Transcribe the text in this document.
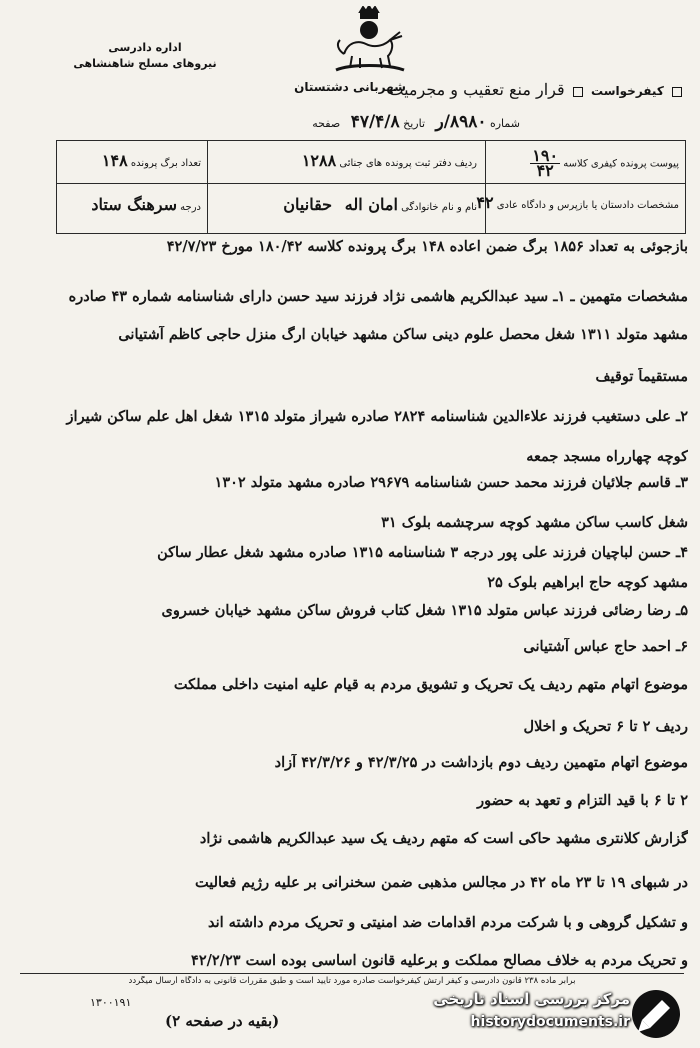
اداره دادرسی
نیروهای مسلح شاهنشاهی
شهربانی دشتستان	کیفرخواست  قرار منع تعقیب و مجرمیت
شماره ۸۹۸۰/ر   تاریخ ۴۷/۴/۸   صفحه
پیوست پرونده کیفری کلاسه
$\frac{۱۹۰}{۴۲}$
ردیف دفتر ثبت پرونده های جنائی ۱۲۸۸
تعداد برگ پرونده ۱۴۸
مشخصات دادستان یا بازپرس و دادگاه عادی ۴۲
نام و نام خانوادگی امان اله    حقانیان
درجه سرهنگ ستاد
بازجوئی به تعداد ۱۸۵۶ برگ ضمن اعاده ۱۴۸ برگ پرونده کلاسه ۱۸۰/۴۲ مورخ ۴۲/۷/۲۳
مشخصات متهمین ـ ۱ـ سید عبدالکریم هاشمی نژاد فرزند سید حسن دارای شناسنامه شماره ۴۳ صادره
مشهد متولد ۱۳۱۱ شغل محصل علوم دینی ساکن مشهد خیابان ارگ منزل حاجی کاظم آشتیانی
مستقیماً توقیف
۲ـ علی دستغیب فرزند علاءالدین شناسنامه ۲۸۲۴ صادره شیراز متولد ۱۳۱۵ شغل اهل علم ساکن شیراز
کوچه چهارراه مسجد جمعه
۳ـ قاسم جلائیان فرزند محمد حسن شناسنامه ۲۹۶۷۹ صادره مشهد متولد ۱۳۰۲
شغل کاسب ساکن مشهد کوچه سرچشمه بلوک ۳۱
۴ـ حسن لباچیان فرزند علی پور درجه ۳ شناسنامه ۱۳۱۵ صادره مشهد شغل عطار ساکن
مشهد کوچه حاج ابراهیم بلوک ۲۵
۵ـ رضا رضائی فرزند عباس متولد ۱۳۱۵ شغل کتاب فروش ساکن مشهد خیابان خسروی
۶ـ احمد حاج عباس آشتیانی
موضوع اتهام متهم ردیف یک تحریک و تشویق مردم به قیام علیه امنیت داخلی مملکت
ردیف ۲ تا ۶ تحریک و اخلال
موضوع اتهام متهمین ردیف دوم بازداشت در ۴۲/۳/۲۵ و ۴۲/۳/۲۶ آزاد
۲ تا ۶ با قید التزام و تعهد به حضور
گزارش کلانتری مشهد حاکی است که متهم ردیف یک سید عبدالکریم هاشمی نژاد
در شبهای ۱۹ تا ۲۳ ماه ۴۲ در مجالس مذهبی ضمن سخنرانی بر علیه رژیم فعالیت
و تشکیل گروهی و با شرکت مردم اقدامات ضد امنیتی و تحریک مردم داشته اند
و تحریک مردم به خلاف مصالح مملکت و برعلیه قانون اساسی بوده است ۴۲/۲/۲۳
برابر ماده ۲۳۸ قانون دادرسی و کیفر ارتش کیفرخواست صادره مورد تأیید است و طبق مقررات قانونی به دادگاه ارسال میگردد
۱۳۰۰۱۹۱
(بقیه در صفحه ۲)
مرکز بررسی اسناد تاریخی
historydocuments.ir
